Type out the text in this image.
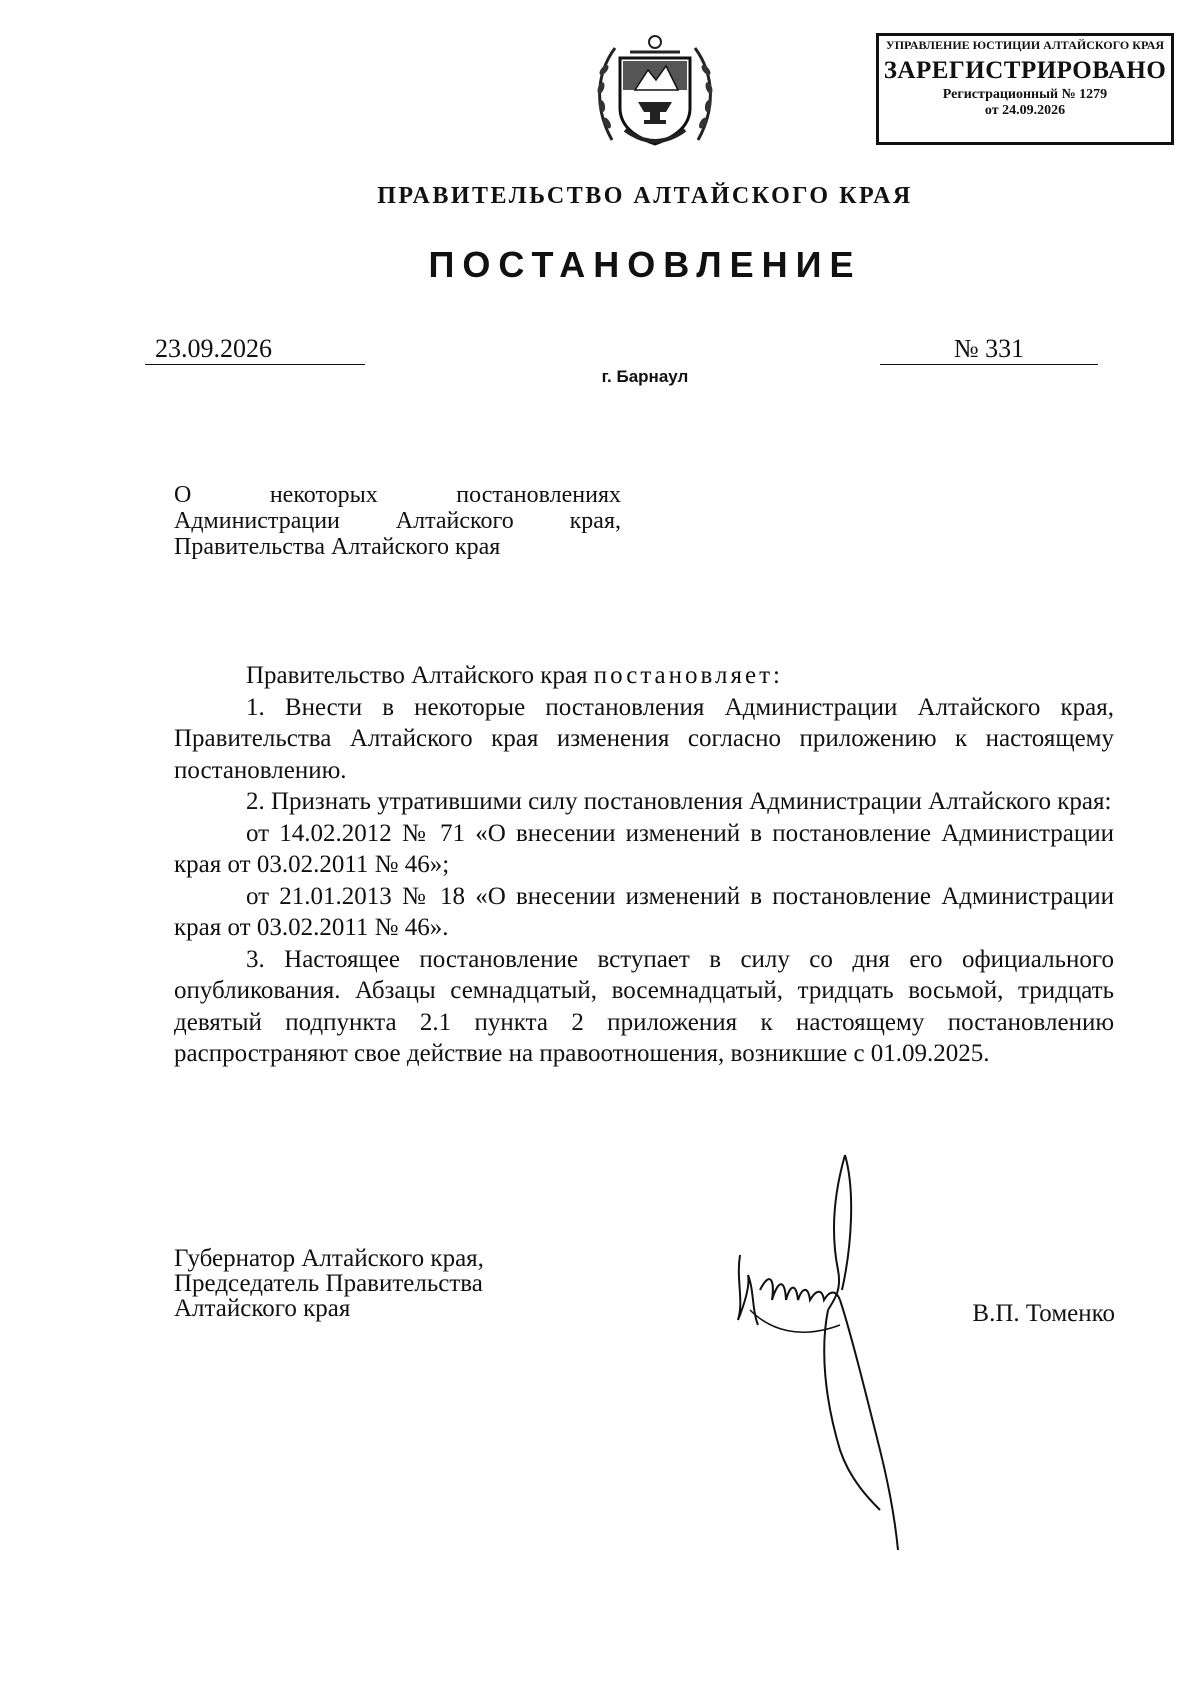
УПРАВЛЕНИЕ ЮСТИЦИИ АЛТАЙСКОГО КРАЯ
ЗАРЕГИСТРИРОВАНО
Регистрационный № 1279
от 24.09.2026
ПРАВИТЕЛЬСТВО АЛТАЙСКОГО КРАЯ
ПОСТАНОВЛЕНИЕ
23.09.2026	№ 331
г. Барнаул
О некоторых постановлениях Администрации Алтайского края, Правительства Алтайского края

Правительство Алтайского края постановляет:

1. Внести в некоторые постановления Администрации Алтайского края, Правительства Алтайского края изменения согласно приложению к настоящему постановлению.

2. Признать утратившими силу постановления Администрации Алтайского края:

от 14.02.2012 № 71 «О внесении изменений в постановление Администрации края от 03.02.2011 № 46»;

от 21.01.2013 № 18 «О внесении изменений в постановление Администрации края от 03.02.2011 № 46».

3. Настоящее постановление вступает в силу со дня его официального опубликования. Абзацы семнадцатый, восемнадцатый, тридцать восьмой, тридцать девятый подпункта 2.1 пункта 2 приложения к настоящему постановлению распространяют свое действие на правоотношения, возникшие с 01.09.2025.

Губернатор Алтайского края,
Председатель Правительства
Алтайского края	В.П. Томенко
